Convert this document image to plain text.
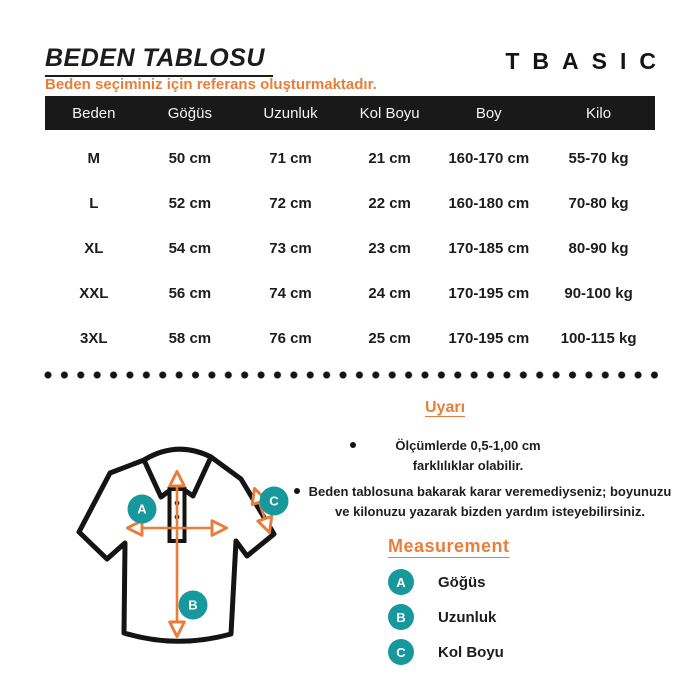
BEDEN TABLOSU

Beden seçiminiz için referans oluşturmaktadır.

TBASIC
Beden	Göğüs	Uzunluk	Kol Boyu	Boy	Kilo
M	50 cm	71 cm	21 cm	160-170 cm	55-70 kg
L	52 cm	72 cm	22 cm	160-180 cm	70-80 kg
XL	54 cm	73 cm	23 cm	170-185 cm	80-90 kg
XXL	56 cm	74 cm	24 cm	170-195 cm	90-100 kg
3XL	58 cm	76 cm	25 cm	170-195 cm	100-115 kg
Uyarı
Ölçümlerde 0,5-1,00 cm farklılıklar olabilir.
Beden tablosuna bakarak karar veremediyseniz; boyunuzu ve kilonuzu yazarak bizden yardım isteyebilirsiniz.
A
B
C
Measurement
A	Göğüs
B	Uzunluk
C	Kol Boyu
